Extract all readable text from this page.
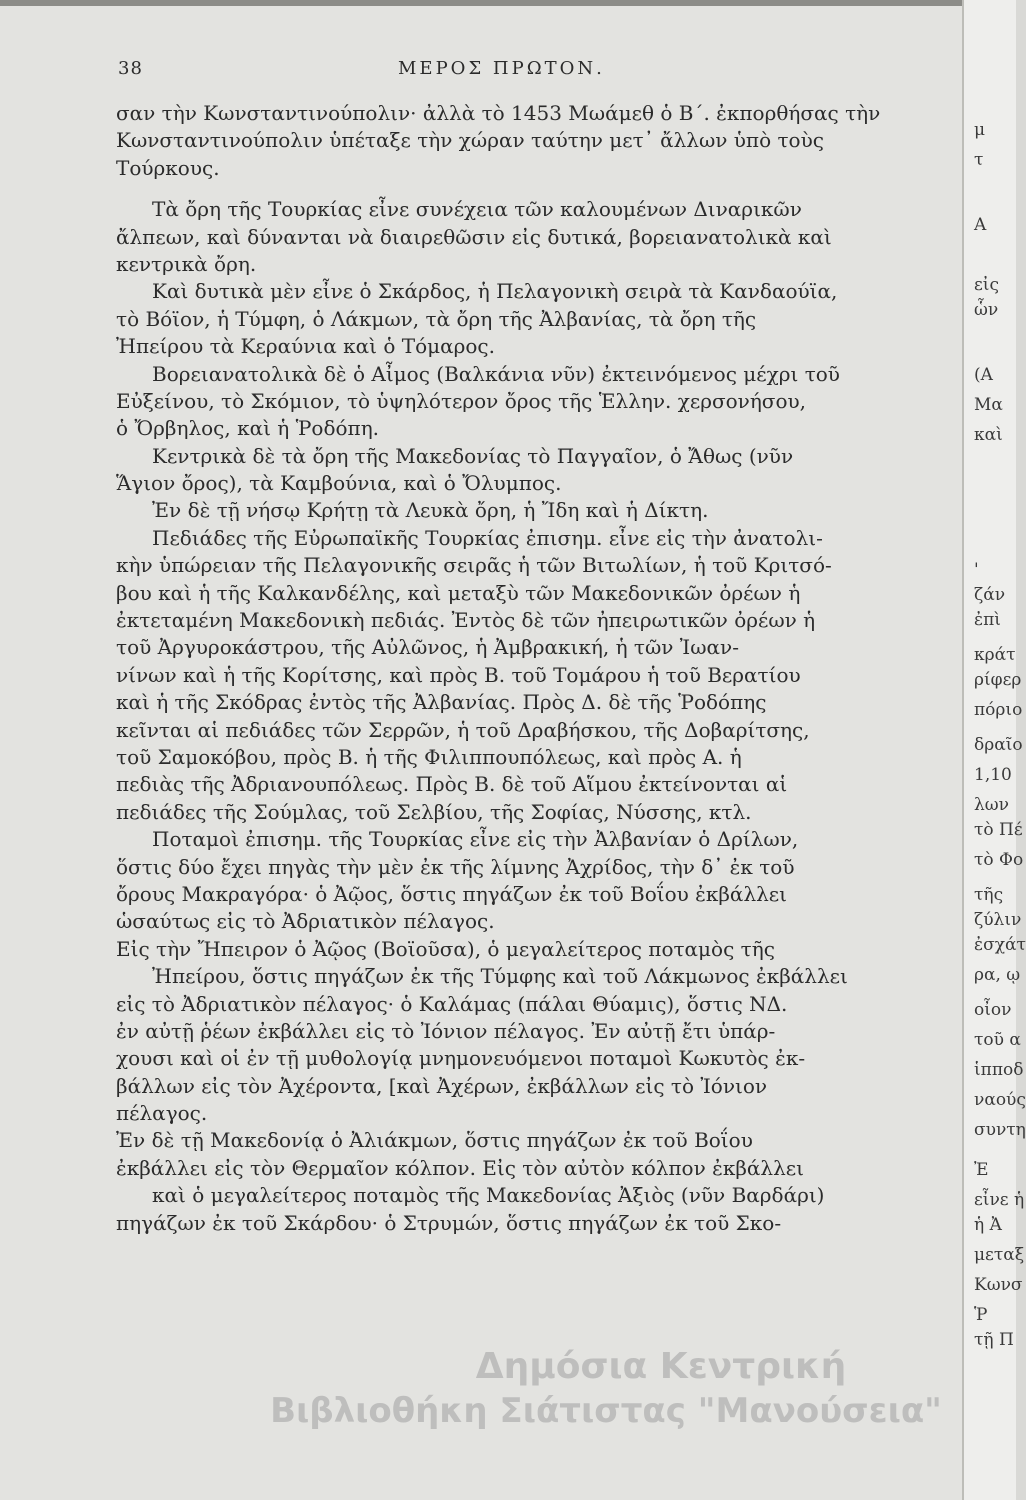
38	ΜΕΡΟΣ ΠΡΩΤΟΝ.
σαν τὴν Κωνσταντινούπολιν· ἀλλὰ τὸ 1453 Μωάμεθ ὁ Β΄. ἐκπορθήσας τὴν
Κωνσταντινούπολιν ὑπέταξε τὴν χώραν ταύτην μετ᾽ ἄλλων ὑπὸ τοὺς
Τούρκους.
Τὰ ὄρη τῆς Τουρκίας εἶνε συνέχεια τῶν καλουμένων Διναρικῶν
ἄλπεων, καὶ δύνανται νὰ διαιρεθῶσιν εἰς δυτικά, βορειανατολικὰ καὶ
κεντρικὰ ὄρη.
Καὶ δυτικὰ μὲν εἶνε ὁ Σκάρδος, ἡ Πελαγονικὴ σειρὰ τὰ Κανδαούϊα,
τὸ Βόϊον, ἡ Τύμφη, ὁ Λάκμων, τὰ ὄρη τῆς Ἀλβανίας, τὰ ὄρη τῆς
Ἠπείρου τὰ Κεραύνια καὶ ὁ Τόμαρος.
Βορειανατολικὰ δὲ ὁ Αἶμος (Βαλκάνια νῦν) ἐκτεινόμενος μέχρι τοῦ
Εὐξείνου, τὸ Σκόμιον, τὸ ὑψηλότερον ὄρος τῆς Ἑλλην. χερσονήσου,
ὁ Ὄρβηλος, καὶ ἡ Ῥοδόπη.
Κεντρικὰ δὲ τὰ ὄρη τῆς Μακεδονίας τὸ Παγγαῖον, ὁ Ἄθως (νῦν
Ἅγιον ὄρος), τὰ Καμβούνια, καὶ ὁ Ὄλυμπος.
Ἐν δὲ τῇ νήσῳ Κρήτῃ τὰ Λευκὰ ὄρη, ἡ Ἴδη καὶ ἡ Δίκτη.
Πεδιάδες τῆς Εὐρωπαϊκῆς Τουρκίας ἐπισημ. εἶνε εἰς τὴν ἀνατολι-
κὴν ὑπώρειαν τῆς Πελαγονικῆς σειρᾶς ἡ τῶν Βιτωλίων, ἡ τοῦ Κριτσό-
βου καὶ ἡ τῆς Καλκανδέλης, καὶ μεταξὺ τῶν Μακεδονικῶν ὀρέων ἡ
ἐκτεταμένη Μακεδονικὴ πεδιάς. Ἐντὸς δὲ τῶν ἠπειρωτικῶν ὀρέων ἡ
τοῦ Ἀργυροκάστρου, τῆς Αὐλῶνος, ἡ Ἀμβρακική, ἡ τῶν Ἰωαν-
νίνων καὶ ἡ τῆς Κορίτσης, καὶ πρὸς Β. τοῦ Τομάρου ἡ τοῦ Βερατίου
καὶ ἡ τῆς Σκόδρας ἐντὸς τῆς Ἀλβανίας. Πρὸς Δ. δὲ τῆς Ῥοδόπης
κεῖνται αἱ πεδιάδες τῶν Σερρῶν, ἡ τοῦ Δραβήσκου, τῆς Δοβαρίτσης,
τοῦ Σαμοκόβου, πρὸς Β. ἡ τῆς Φιλιππουπόλεως, καὶ πρὸς Α. ἡ
πεδιὰς τῆς Ἀδριανουπόλεως. Πρὸς Β. δὲ τοῦ Αἵμου ἐκτείνονται αἱ
πεδιάδες τῆς Σούμλας, τοῦ Σελβίου, τῆς Σοφίας, Νύσσης, κτλ.
Ποταμοὶ ἐπισημ. τῆς Τουρκίας εἶνε εἰς τὴν Ἀλβανίαν ὁ Δρίλων,
ὅστις δύο ἔχει πηγὰς τὴν μὲν ἐκ τῆς λίμνης Ἀχρίδος, τὴν δ᾽ ἐκ τοῦ
ὄρους Μακραγόρα· ὁ Ἀῷος, ὅστις πηγάζων ἐκ τοῦ Βοΐου ἐκβάλλει
ὡσαύτως εἰς τὸ Ἀδριατικὸν πέλαγος.
Εἰς τὴν Ἤπειρον ὁ Ἀῷος (Βοϊοῦσα), ὁ μεγαλείτερος ποταμὸς τῆς
Ἠπείρου, ὅστις πηγάζων ἐκ τῆς Τύμφης καὶ τοῦ Λάκμωνος ἐκβάλλει
εἰς τὸ Ἀδριατικὸν πέλαγος· ὁ Καλάμας (πάλαι Θύαμις), ὅστις ΝΔ.
ἐν αὐτῇ ῥέων ἐκβάλλει εἰς τὸ Ἰόνιον πέλαγος. Ἐν αὐτῇ ἔτι ὑπάρ-
χουσι καὶ οἱ ἐν τῇ μυθολογίᾳ μνημονευόμενοι ποταμοὶ Κωκυτὸς ἐκ-
βάλλων εἰς τὸν Ἀχέροντα, [καὶ Ἀχέρων, ἐκβάλλων εἰς τὸ Ἰόνιον
πέλαγος.
Ἐν δὲ τῇ Μακεδονίᾳ ὁ Ἀλιάκμων, ὅστις πηγάζων ἐκ τοῦ Βοΐου
ἐκβάλλει εἰς τὸν Θερμαῖον κόλπον. Εἰς τὸν αὐτὸν κόλπον ἐκβάλλει
καὶ ὁ μεγαλείτερος ποταμὸς τῆς Μακεδονίας Ἀξιὸς (νῦν Βαρδάρι)
πηγάζων ἐκ τοῦ Σκάρδου· ὁ Στρυμών, ὅστις πηγάζων ἐκ τοῦ Σκο-
μ
τ
Α
εἰς
ὧν
(Α
Μα
καὶ
'
ζάν
ἐπὶ
κράτ
ρίφερ
πόριο
δραῖο
1,10
λων
τὸ Πέ
τὸ Φο
τῆς
ζύλιν
ἐσχάτ
ρα, ῳ
οἶον
τοῦ α
ἱπποδ
ναούς
συντη
Ἐ
εἶνε ἡ
ἡ Ἀ
μεταξ
Κωνσ
Ῥ
τῇ Π
Δημόσια Κεντρική
Βιβλιοθήκη Σιάτιστας "Μανούσεια"
